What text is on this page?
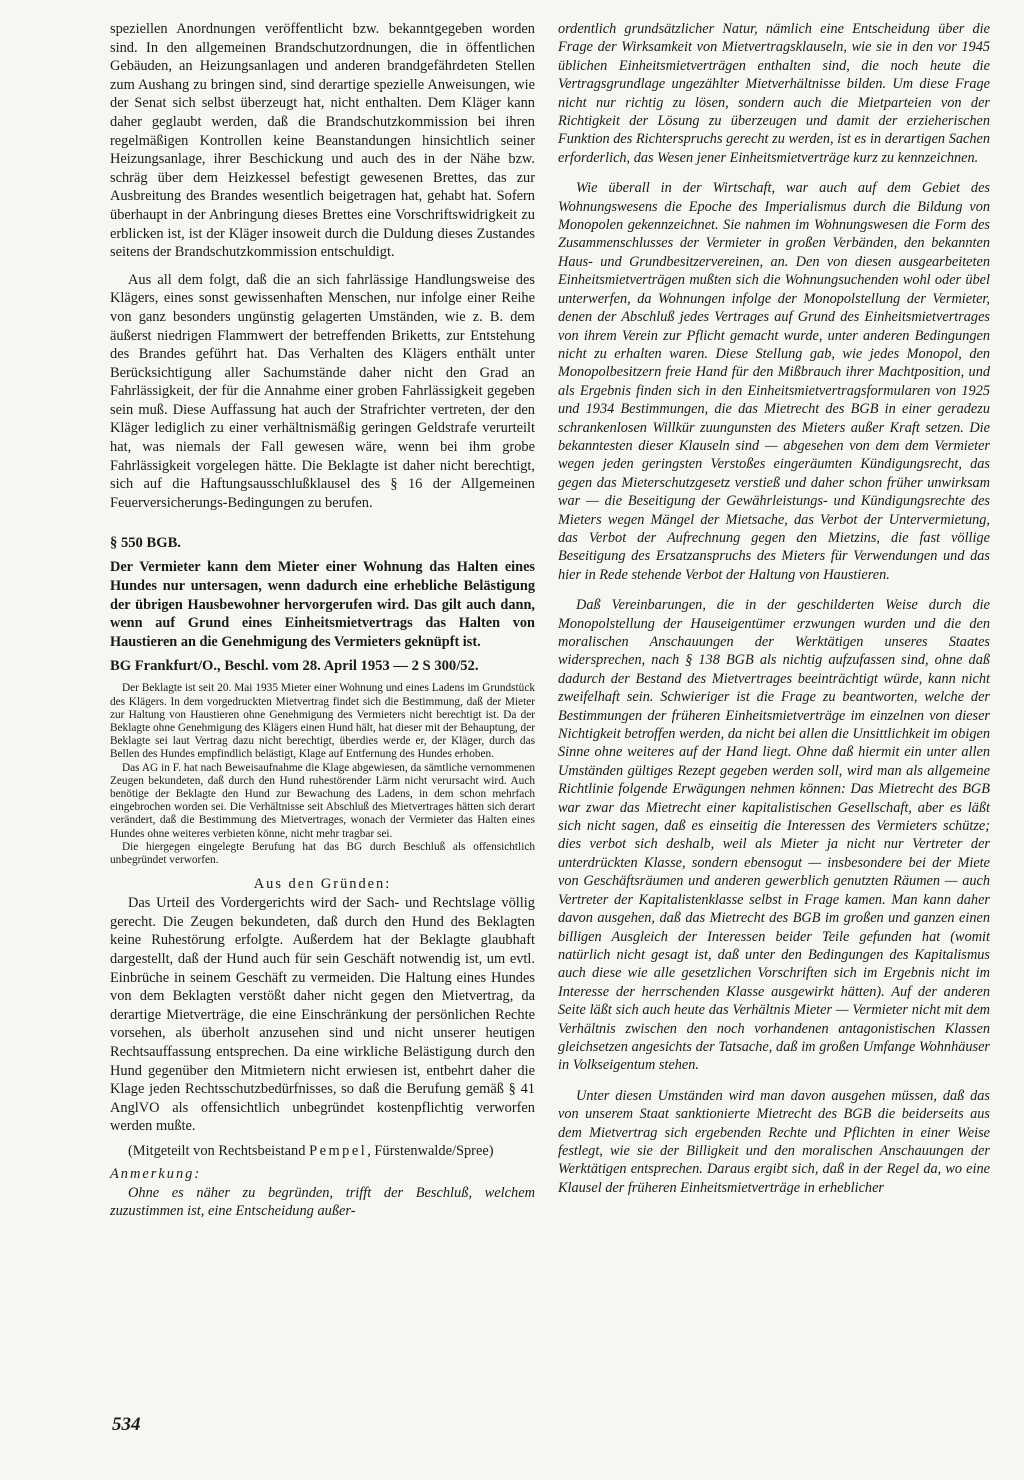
speziellen Anordnungen veröffentlicht bzw. bekanntgegeben worden sind. In den allgemeinen Brandschutzordnungen, die in öffentlichen Gebäuden, an Heizungsanlagen und anderen brandgefährdeten Stellen zum Aushang zu bringen sind, sind derartige spezielle Anweisungen, wie der Senat sich selbst überzeugt hat, nicht enthalten. Dem Kläger kann daher geglaubt werden, daß die Brandschutzkommission bei ihren regelmäßigen Kontrollen keine Beanstandungen hinsichtlich seiner Heizungsanlage, ihrer Beschickung und auch des in der Nähe bzw. schräg über dem Heizkessel befestigt gewesenen Brettes, das zur Ausbreitung des Brandes wesentlich beigetragen hat, gehabt hat. Sofern überhaupt in der Anbringung dieses Brettes eine Vorschriftswidrigkeit zu erblicken ist, ist der Kläger insoweit durch die Duldung dieses Zustandes seitens der Brandschutzkommission entschuldigt.

Aus all dem folgt, daß die an sich fahrlässige Handlungsweise des Klägers, eines sonst gewissenhaften Menschen, nur infolge einer Reihe von ganz besonders ungünstig gelagerten Umständen, wie z. B. dem äußerst niedrigen Flammwert der betreffenden Briketts, zur Entstehung des Brandes geführt hat. Das Verhalten des Klägers enthält unter Berücksichtigung aller Sachumstände daher nicht den Grad an Fahrlässigkeit, der für die Annahme einer groben Fahrlässigkeit gegeben sein muß. Diese Auffassung hat auch der Strafrichter vertreten, der den Kläger lediglich zu einer verhältnismäßig geringen Geldstrafe verurteilt hat, was niemals der Fall gewesen wäre, wenn bei ihm grobe Fahrlässigkeit vorgelegen hätte. Die Beklagte ist daher nicht berechtigt, sich auf die Haftungsausschlußklausel des § 16 der Allgemeinen Feuerversicherungs-Bedingungen zu berufen.

§ 550 BGB.

Der Vermieter kann dem Mieter einer Wohnung das Halten eines Hundes nur untersagen, wenn dadurch eine erhebliche Belästigung der übrigen Hausbewohner hervorgerufen wird. Das gilt auch dann, wenn auf Grund eines Einheitsmietvertrags das Halten von Haustieren an die Genehmigung des Vermieters geknüpft ist.

BG Frankfurt/O., Beschl. vom 28. April 1953 — 2 S 300/52.

Der Beklagte ist seit 20. Mai 1935 Mieter einer Wohnung und eines Ladens im Grundstück des Klägers. In dem vorgedruckten Mietvertrag findet sich die Bestimmung, daß der Mieter zur Haltung von Haustieren ohne Genehmigung des Vermieters nicht berechtigt ist. Da der Beklagte ohne Genehmigung des Klägers einen Hund hält, hat dieser mit der Behauptung, der Beklagte sei laut Vertrag dazu nicht berechtigt, überdies werde er, der Kläger, durch das Bellen des Hundes empfindlich belästigt, Klage auf Entfernung des Hundes erhoben.

Das AG in F. hat nach Beweisaufnahme die Klage abgewiesen, da sämtliche vernommenen Zeugen bekundeten, daß durch den Hund ruhestörender Lärm nicht verursacht wird. Auch benötige der Beklagte den Hund zur Bewachung des Ladens, in dem schon mehrfach eingebrochen worden sei. Die Verhältnisse seit Abschluß des Mietvertrages hätten sich derart verändert, daß die Bestimmung des Mietvertrages, wonach der Vermieter das Halten eines Hundes ohne weiteres verbieten könne, nicht mehr tragbar sei.

Die hiergegen eingelegte Berufung hat das BG durch Beschluß als offensichtlich unbegründet verworfen.

Aus den Gründen:

Das Urteil des Vordergerichts wird der Sach- und Rechtslage völlig gerecht. Die Zeugen bekundeten, daß durch den Hund des Beklagten keine Ruhestörung erfolgte. Außerdem hat der Beklagte glaubhaft dargestellt, daß der Hund auch für sein Geschäft notwendig ist, um evtl. Einbrüche in seinem Geschäft zu vermeiden. Die Haltung eines Hundes von dem Beklagten verstößt daher nicht gegen den Mietvertrag, da derartige Mietverträge, die eine Einschränkung der persönlichen Rechte vorsehen, als überholt anzusehen sind und nicht unserer heutigen Rechtsauffassung entsprechen. Da eine wirkliche Belästigung durch den Hund gegenüber den Mitmietern nicht erwiesen ist, entbehrt daher die Klage jeden Rechtsschutzbedürfnisses, so daß die Berufung gemäß § 41 AnglVO als offensichtlich unbegründet kostenpflichtig verworfen werden mußte.

(Mitgeteilt von Rechtsbeistand Pempel, Fürstenwalde/Spree)

Anmerkung:

Ohne es näher zu begründen, trifft der Beschluß, welchem zuzustimmen ist, eine Entscheidung außer-

ordentlich grundsätzlicher Natur, nämlich eine Entscheidung über die Frage der Wirksamkeit von Mietvertragsklauseln, wie sie in den vor 1945 üblichen Einheitsmietverträgen enthalten sind, die noch heute die Vertragsgrundlage ungezählter Mietverhältnisse bilden. Um diese Frage nicht nur richtig zu lösen, sondern auch die Mietparteien von der Richtigkeit der Lösung zu überzeugen und damit der erzieherischen Funktion des Richterspruchs gerecht zu werden, ist es in derartigen Sachen erforderlich, das Wesen jener Einheitsmietverträge kurz zu kennzeichnen.

Wie überall in der Wirtschaft, war auch auf dem Gebiet des Wohnungswesens die Epoche des Imperialismus durch die Bildung von Monopolen gekennzeichnet. Sie nahmen im Wohnungswesen die Form des Zusammenschlusses der Vermieter in großen Verbänden, den bekannten Haus- und Grundbesitzervereinen, an. Den von diesen ausgearbeiteten Einheitsmietverträgen mußten sich die Wohnungsuchenden wohl oder übel unterwerfen, da Wohnungen infolge der Monopolstellung der Vermieter, denen der Abschluß jedes Vertrages auf Grund des Einheitsmietvertrages von ihrem Verein zur Pflicht gemacht wurde, unter anderen Bedingungen nicht zu erhalten waren. Diese Stellung gab, wie jedes Monopol, den Monopolbesitzern freie Hand für den Mißbrauch ihrer Machtposition, und als Ergebnis finden sich in den Einheitsmietvertragsformularen von 1925 und 1934 Bestimmungen, die das Mietrecht des BGB in einer geradezu schrankenlosen Willkür zuungunsten des Mieters außer Kraft setzen. Die bekanntesten dieser Klauseln sind — abgesehen von dem dem Vermieter wegen jeden geringsten Verstoßes eingeräumten Kündigungsrecht, das gegen das Mieterschutzgesetz verstieß und daher schon früher unwirksam war — die Beseitigung der Gewährleistungs- und Kündigungsrechte des Mieters wegen Mängel der Mietsache, das Verbot der Untervermietung, das Verbot der Aufrechnung gegen den Mietzins, die fast völlige Beseitigung des Ersatzanspruchs des Mieters für Verwendungen und das hier in Rede stehende Verbot der Haltung von Haustieren.

Daß Vereinbarungen, die in der geschilderten Weise durch die Monopolstellung der Hauseigentümer erzwungen wurden und die den moralischen Anschauungen der Werktätigen unseres Staates widersprechen, nach § 138 BGB als nichtig aufzufassen sind, ohne daß dadurch der Bestand des Mietvertrages beeinträchtigt würde, kann nicht zweifelhaft sein. Schwieriger ist die Frage zu beantworten, welche der Bestimmungen der früheren Einheitsmietverträge im einzelnen von dieser Nichtigkeit betroffen werden, da nicht bei allen die Unsittlichkeit im obigen Sinne ohne weiteres auf der Hand liegt. Ohne daß hiermit ein unter allen Umständen gültiges Rezept gegeben werden soll, wird man als allgemeine Richtlinie folgende Erwägungen nehmen können: Das Mietrecht des BGB war zwar das Mietrecht einer kapitalistischen Gesellschaft, aber es läßt sich nicht sagen, daß es einseitig die Interessen des Vermieters schütze; dies verbot sich deshalb, weil als Mieter ja nicht nur Vertreter der unterdrückten Klasse, sondern ebensogut — insbesondere bei der Miete von Geschäftsräumen und anderen gewerblich genutzten Räumen — auch Vertreter der Kapitalistenklasse selbst in Frage kamen. Man kann daher davon ausgehen, daß das Mietrecht des BGB im großen und ganzen einen billigen Ausgleich der Interessen beider Teile gefunden hat (womit natürlich nicht gesagt ist, daß unter den Bedingungen des Kapitalismus auch diese wie alle gesetzlichen Vorschriften sich im Ergebnis nicht im Interesse der herrschenden Klasse ausgewirkt hätten). Auf der anderen Seite läßt sich auch heute das Verhältnis Mieter — Vermieter nicht mit dem Verhältnis zwischen den noch vorhandenen antagonistischen Klassen gleichsetzen angesichts der Tatsache, daß im großen Umfange Wohnhäuser in Volkseigentum stehen.

Unter diesen Umständen wird man davon ausgehen müssen, daß das von unserem Staat sanktionierte Mietrecht des BGB die beiderseits aus dem Mietvertrag sich ergebenden Rechte und Pflichten in einer Weise festlegt, wie sie der Billigkeit und den moralischen Anschauungen der Werktätigen entsprechen. Daraus ergibt sich, daß in der Regel da, wo eine Klausel der früheren Einheitsmietverträge in erheblicher

534
